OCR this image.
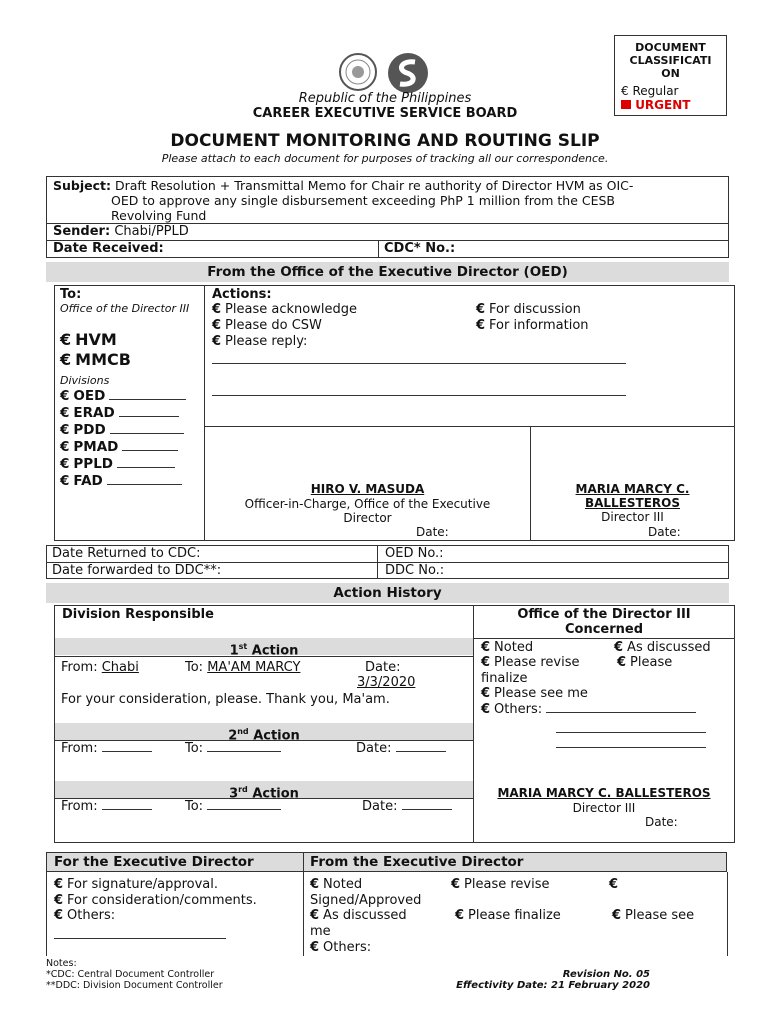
Republic of the Philippines
CAREER EXECUTIVE SERVICE BOARD
DOCUMENT
CLASSIFICATI
ON
€ Regular
URGENT
DOCUMENT MONITORING AND ROUTING SLIP
Please attach to each document for purposes of tracking all our correspondence.
Subject: Draft Resolution + Transmittal Memo for Chair re authority of Director HVM as OIC-
OED to approve any single disbursement exceeding PhP 1 million from the CESB
Revolving Fund
Sender: Chabi/PPLD
Date Received:	CDC* No.:
From the Office of the Executive Director (OED)
To:
Office of the Director III
€ HVM
€ MMCB
Divisions
€ OED
€ ERAD
€ PDD
€ PMAD
€ PPLD
€ FAD
Actions:
€ Please acknowledge
€ Please do CSW
€ Please reply:
€ For discussion
€ For information
HIRO V. MASUDA
Officer-in-Charge, Office of the Executive
Director
Date:
MARIA MARCY C.
BALLESTEROS
Director III
Date:
Date Returned to CDC:	OED No.:
Date forwarded to DDC**:	DDC No.:
Action History
Division Responsible	Office of the Director III
Concerned
1st Action
From: Chabi	To: MA'AM MARCY	Date:
3/3/2020
For your consideration, please. Thank you, Ma'am.
2nd Action
From:	To:	Date:
3rd Action
From:	To:	Date:
€ Noted	€ As discussed
€ Please revise	€ Please
finalize
€ Please see me
€ Others:
MARIA MARCY C. BALLESTEROS
Director III
Date:
For the Executive Director	From the Executive Director
€ For signature/approval.
€ For consideration/comments.
€ Others:
€ Noted	€ Please revise	€
Signed/Approved
€ As discussed	€ Please finalize	€ Please see
me
€ Others:
Notes:
*CDC: Central Document Controller
**DDC: Division Document Controller
Revision No. 05
Effectivity Date: 21 February 2020
